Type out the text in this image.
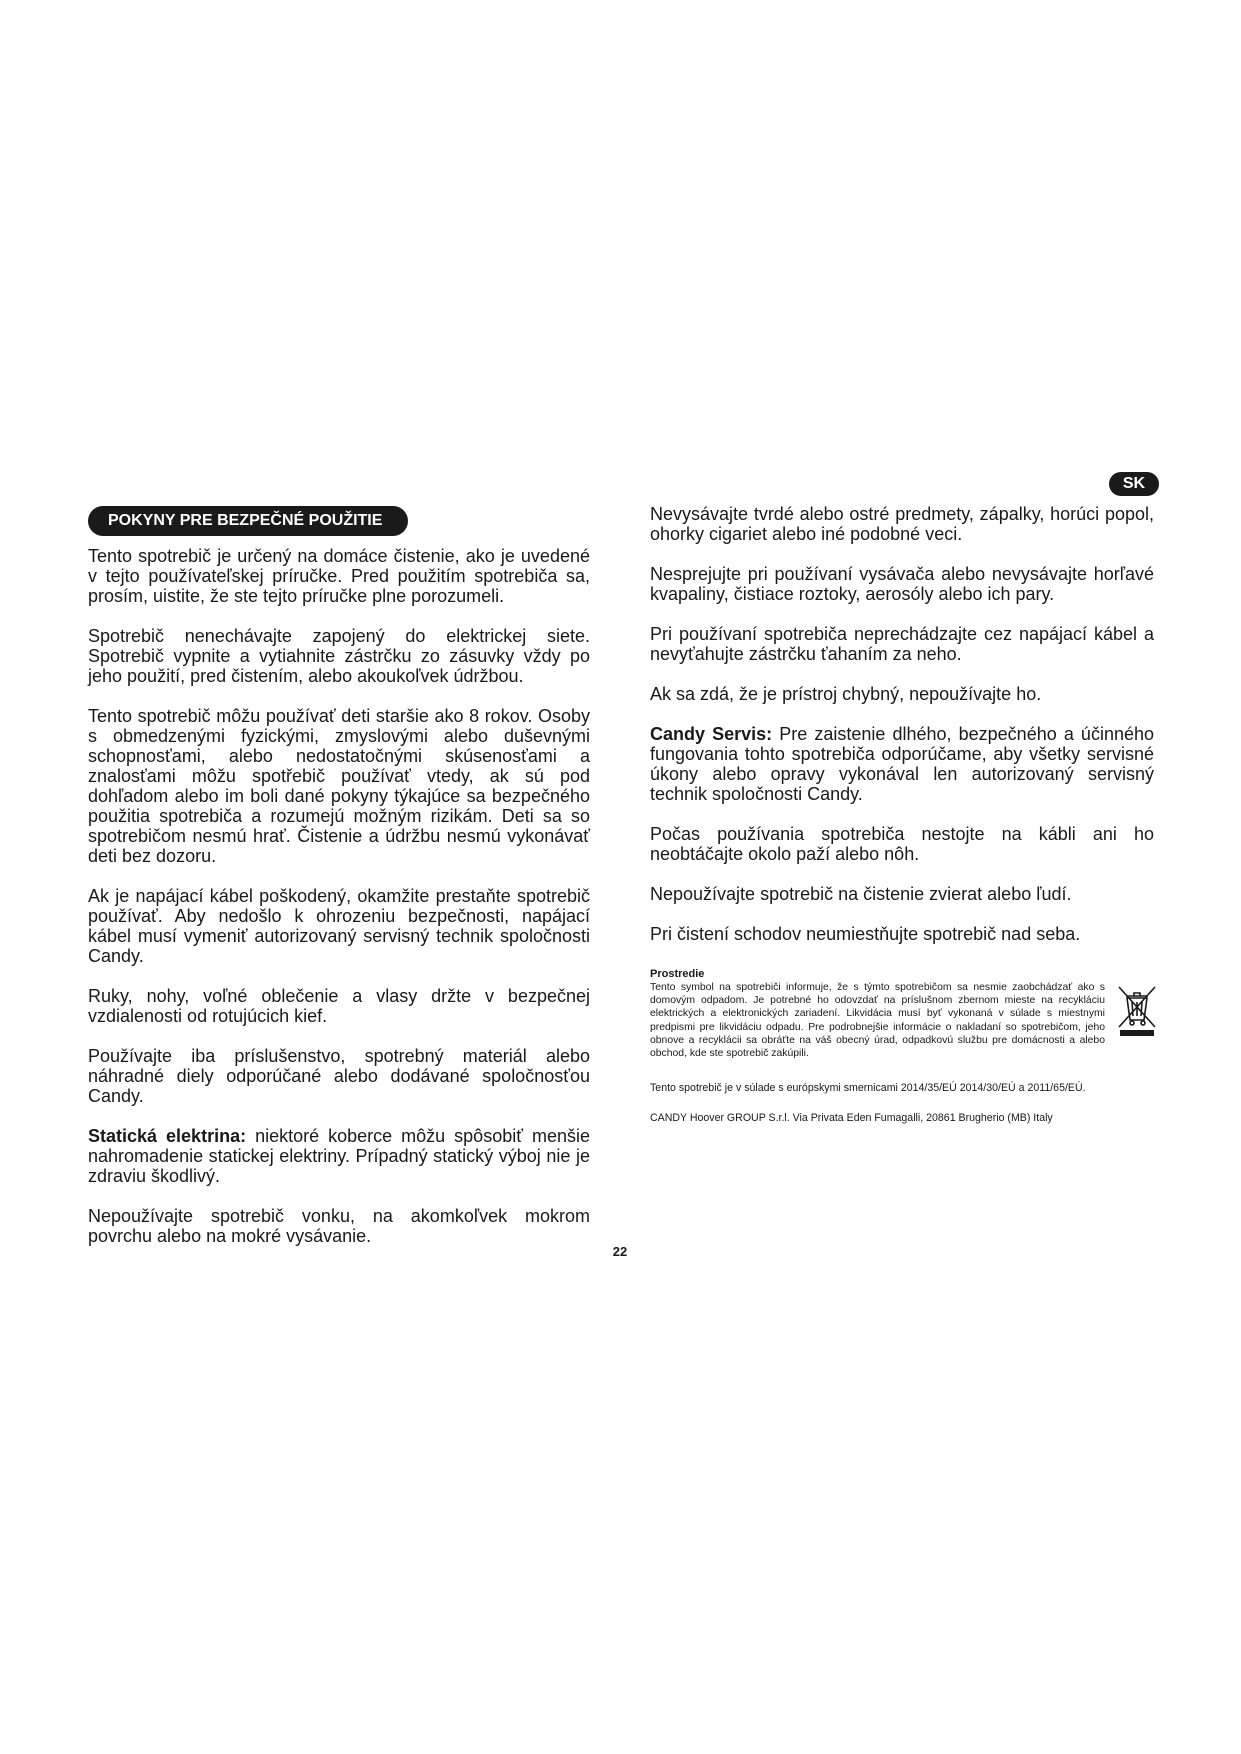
SK
POKYNY PRE BEZPEČNÉ POUŽITIE

Tento spotrebič je určený na domáce čistenie, ako je uvedené v tejto používateľskej príručke. Pred použitím spotrebiča sa, prosím, uistite, že ste tejto príručke plne porozumeli.

Spotrebič nenechávajte zapojený do elektrickej siete. Spotrebič vypnite a vytiahnite zástrčku zo zásuvky vždy po jeho použití, pred čistením, alebo akoukoľvek údržbou.

Tento spotrebič môžu používať deti staršie ako 8 rokov. Osoby s obmedzenými fyzickými, zmyslovými alebo duševnými schopnosťami, alebo nedostatočnými skúsenosťami a znalosťami môžu spotřebič používať vtedy, ak sú pod dohľadom alebo im boli dané pokyny týkajúce sa bezpečného použitia spotrebiča a rozumejú možným rizikám. Deti sa so spotrebičom nesmú hrať. Čistenie a údržbu nesmú vykonávať deti bez dozoru.

Ak je napájací kábel poškodený, okamžite prestaňte spotrebič používať. Aby nedošlo k ohrozeniu bezpečnosti, napájací kábel musí vymeniť autorizovaný servisný technik spoločnosti Candy.

Ruky, nohy, voľné oblečenie a vlasy držte v bezpečnej vzdialenosti od rotujúcich kief.

Používajte iba príslušenstvo, spotrebný materiál alebo náhradné diely odporúčané alebo dodávané spoločnosťou Candy.

Statická elektrina: niektoré koberce môžu spôsobiť menšie nahromadenie statickej elektriny. Prípadný statický výboj nie je zdraviu škodlivý.

Nepoužívajte spotrebič vonku, na akomkoľvek mokrom povrchu alebo na mokré vysávanie.

Nevysávajte tvrdé alebo ostré predmety, zápalky, horúci popol, ohorky cigariet alebo iné podobné veci.

Nesprejujte pri používaní vysávača alebo nevysávajte horľavé kvapaliny, čistiace roztoky, aerosóly alebo ich pary.

Pri používaní spotrebiča neprechádzajte cez napájací kábel a nevyťahujte zástrčku ťahaním za neho.

Ak sa zdá, že je prístroj chybný, nepoužívajte ho.

Candy Servis: Pre zaistenie dlhého, bezpečného a účinného fungovania tohto spotrebiča odporúčame, aby všetky servisné úkony alebo opravy vykonával len autorizovaný servisný technik spoločnosti Candy.

Počas používania spotrebiča nestojte na kábli ani ho neobtáčajte okolo paží alebo nôh.

Nepoužívajte spotrebič na čistenie zvierat alebo ľudí.

Pri čistení schodov neumiestňujte spotrebič nad seba.

Prostredie

Tento symbol na spotrebiči informuje, že s týmto spotrebičom sa nesmie zaobchádzať ako s domovým odpadom. Je potrebné ho odovzdať na príslušnom zbernom mieste na recykláciu elektrických a elektronických zariadení. Likvidácia musí byť vykonaná v súlade s miestnymi predpismi pre likvidáciu odpadu. Pre podrobnejšie informácie o nakladaní so spotrebičom, jeho obnove a recyklácii sa obráťte na váš obecný úrad, odpadkovú službu pre domácnosti a alebo obchod, kde ste spotrebič zakúpili.

Tento spotrebič je v súlade s európskymi smernicami 2014/35/EÚ 2014/30/EÚ a 2011/65/EÚ.
CANDY Hoover GROUP S.r.l. Via Privata Eden Fumagalli, 20861 Brugherio (MB) Italy
22
